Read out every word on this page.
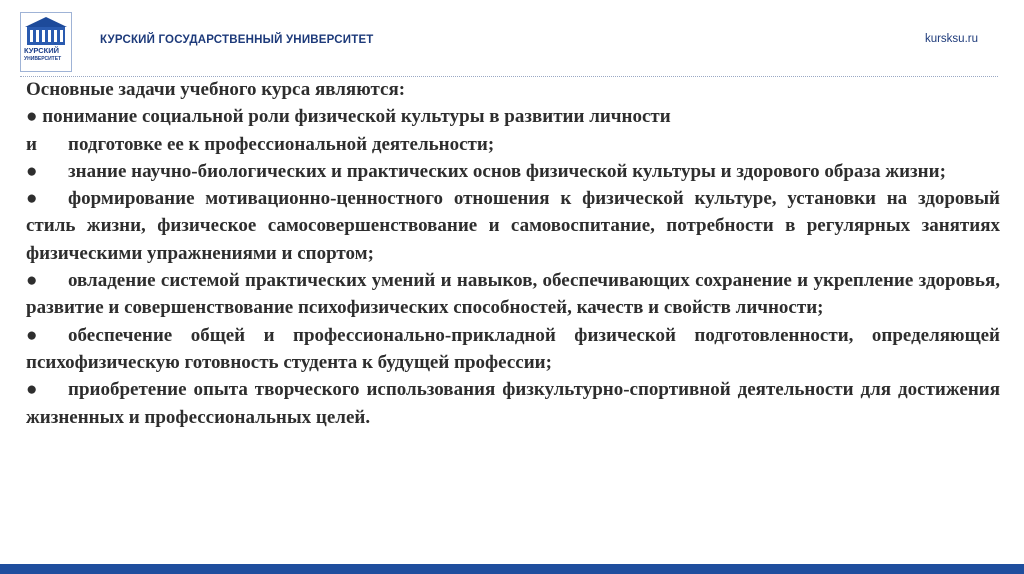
КУРСКИЙ
УНИВЕРСИТЕТ
КУРСКИЙ ГОСУДАРСТВЕННЫЙ УНИВЕРСИТЕТ	kursksu.ru

Основные задачи учебного курса являются:

● понимание социальной роли физической культуры в развитии личности

и подготовке ее к профессиональной деятельности;

● знание научно-биологических и практических основ физической культуры и здорового образа жизни;

● формирование мотивационно-ценностного отношения к физической культуре, установки на здоровый стиль жизни, физическое самосовершенствование и самовоспитание, потребности в регулярных занятиях физическими упражнениями и спортом;

● овладение системой практических умений и навыков, обеспечивающих сохранение и укрепление здоровья, развитие и совершенствование психофизических способностей, качеств и свойств личности;

● обеспечение общей и профессионально-прикладной физической подготовленности, определяющей психофизическую готовность студента к будущей профессии;

● приобретение опыта творческого использования физкультурно-спортивной деятельности для достижения жизненных и профессиональных целей.
